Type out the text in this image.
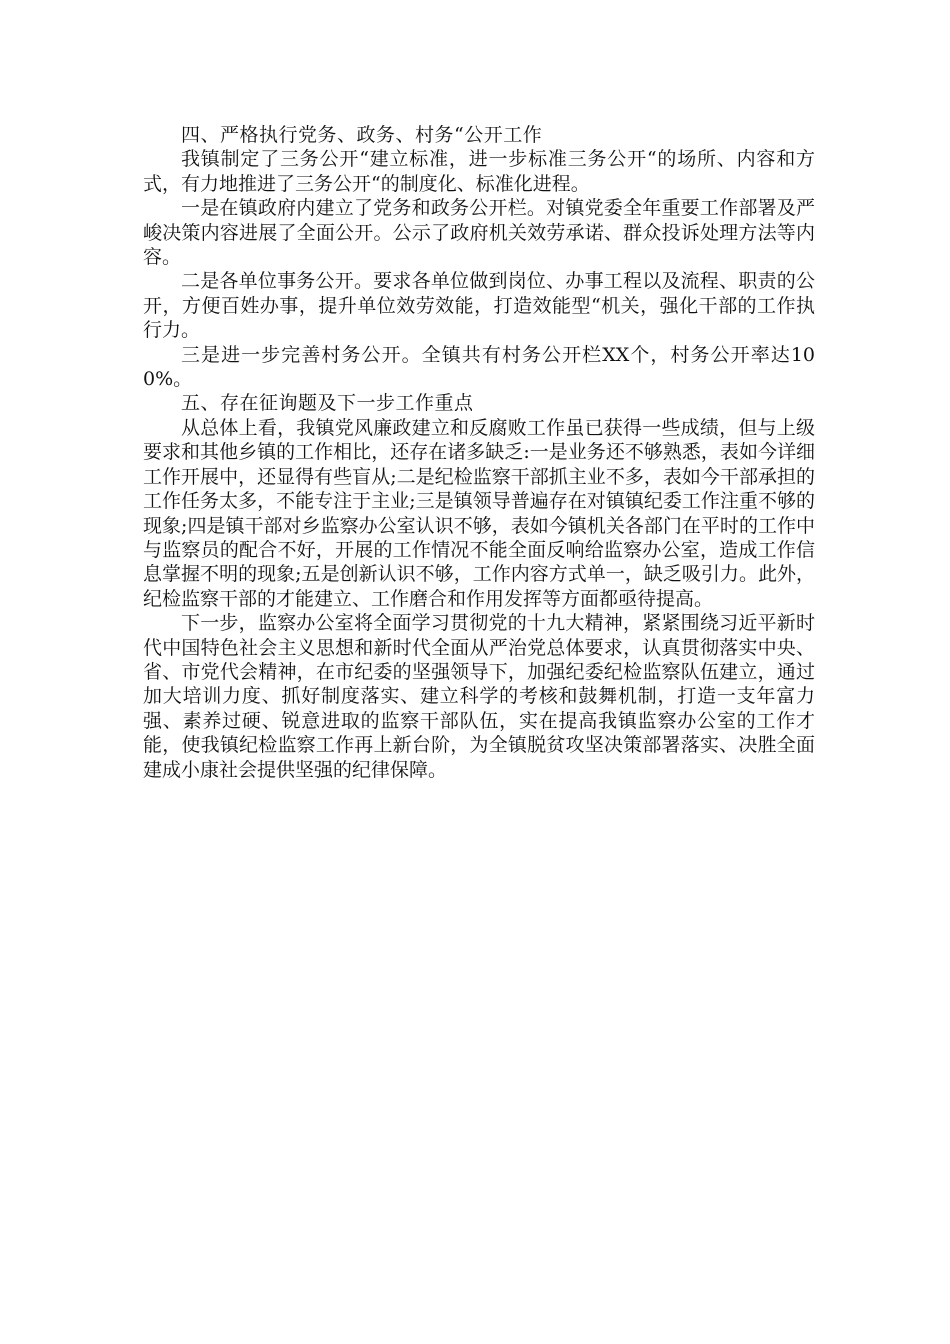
四、严格执行党务、政务、村务“公开工作

我镇制定了三务公开“建立标准，进一步标准三务公开“的场所、内容和方式，有力地推进了三务公开“的制度化、标准化进程。

一是在镇政府内建立了党务和政务公开栏。对镇党委全年重要工作部署及严峻决策内容进展了全面公开。公示了政府机关效劳承诺、群众投诉处理方法等内容。

二是各单位事务公开。要求各单位做到岗位、办事工程以及流程、职责的公开，方便百姓办事，提升单位效劳效能，打造效能型“机关，强化干部的工作执行力。

三是进一步完善村务公开。全镇共有村务公开栏XX个，村务公开率达100%。

五、存在征询题及下一步工作重点

从总体上看，我镇党风廉政建立和反腐败工作虽已获得一些成绩，但与上级要求和其他乡镇的工作相比，还存在诸多缺乏:一是业务还不够熟悉，表如今详细工作开展中，还显得有些盲从;二是纪检监察干部抓主业不多，表如今干部承担的工作任务太多，不能专注于主业;三是镇领导普遍存在对镇镇纪委工作注重不够的现象;四是镇干部对乡监察办公室认识不够，表如今镇机关各部门在平时的工作中与监察员的配合不好，开展的工作情况不能全面反响给监察办公室，造成工作信息掌握不明的现象;五是创新认识不够，工作内容方式单一，缺乏吸引力。此外，纪检监察干部的才能建立、工作磨合和作用发挥等方面都亟待提高。

下一步，监察办公室将全面学习贯彻党的十九大精神，紧紧围绕习近平新时代中国特色社会主义思想和新时代全面从严治党总体要求，认真贯彻落实中央、省、市党代会精神，在市纪委的坚强领导下，加强纪委纪检监察队伍建立，通过加大培训力度、抓好制度落实、建立科学的考核和鼓舞机制，打造一支年富力强、素养过硬、锐意进取的监察干部队伍，实在提高我镇监察办公室的工作才能，使我镇纪检监察工作再上新台阶，为全镇脱贫攻坚决策部署落实、决胜全面建成小康社会提供坚强的纪律保障。
